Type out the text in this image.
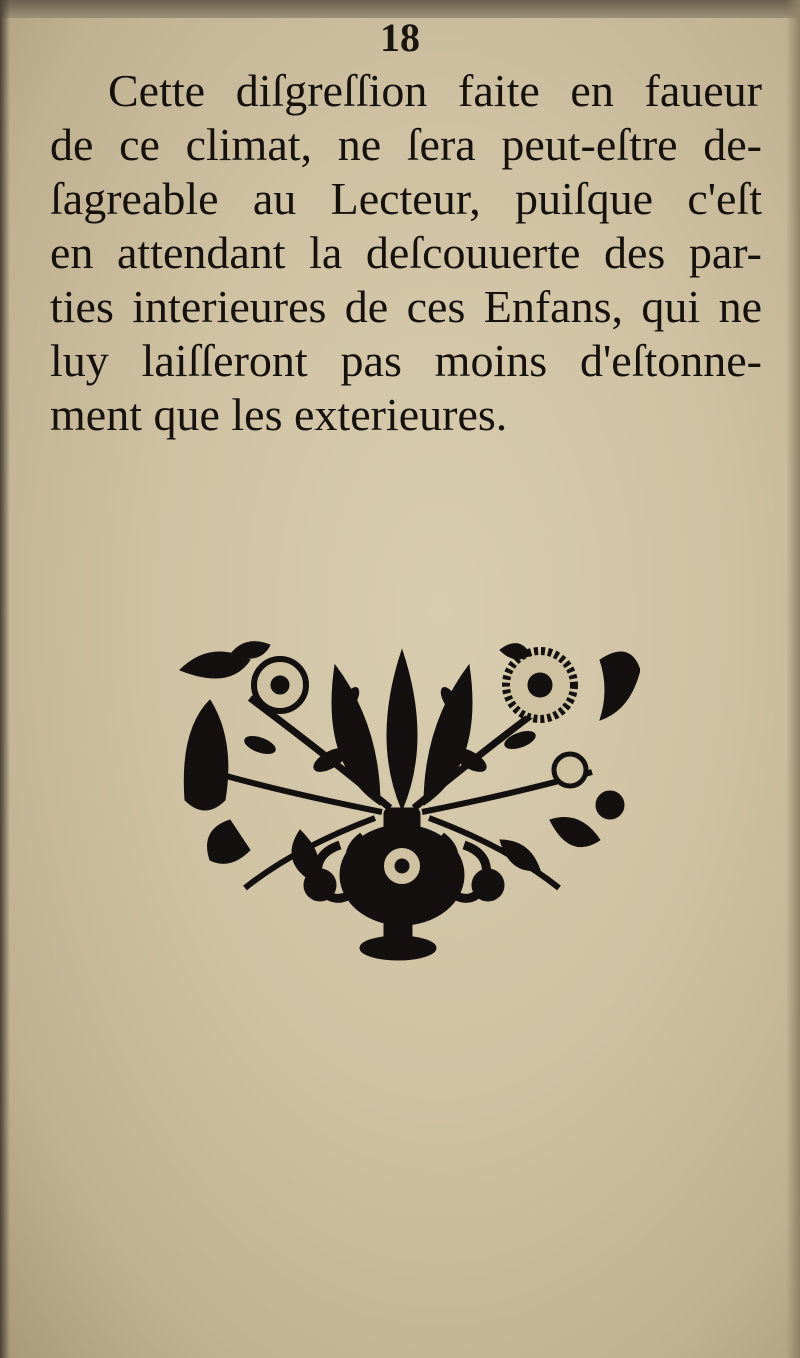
18
Cette diſgreſſion faite en faueur
de ce climat, ne ſera peut-eſtre de-
ſagreable au Lecteur, puiſque c'eſt
en attendant la deſcouuerte des par-
ties interieures de ces Enfans, qui ne
luy laiſſeront pas moins d'eſtonne-
ment que les exterieures.
